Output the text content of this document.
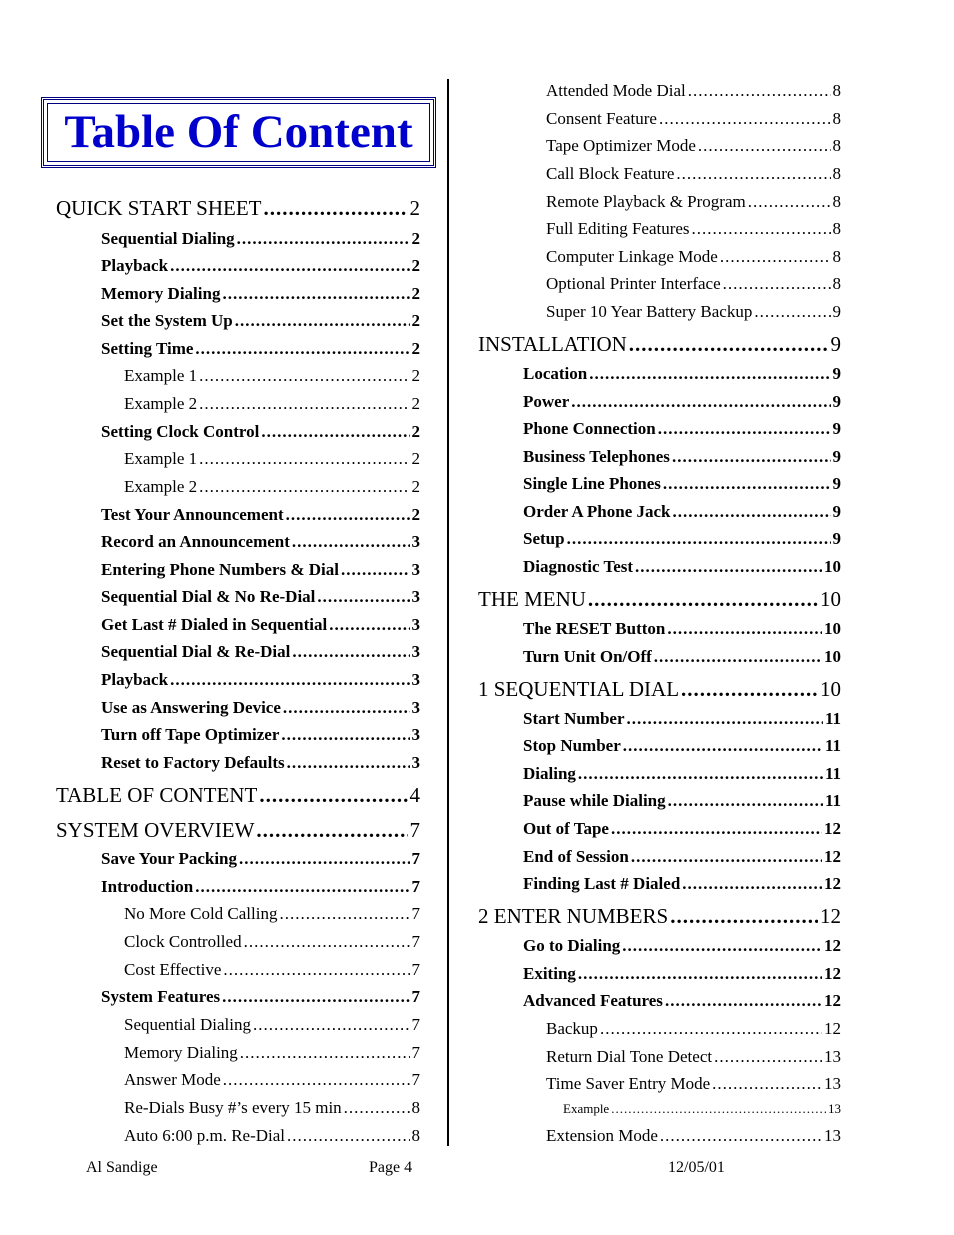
Table Of Content
QUICK START SHEET .....	2
Sequential Dialing .....	2
Playback .....	2
Memory Dialing .....	2
Set the System Up .....	2
Setting Time .....	2
Example 1 .....	2
Example 2 .....	2
Setting Clock Control .....	2
Example 1 .....	2
Example 2 .....	2
Test Your Announcement .....	2
Record an Announcement .....	3
Entering Phone Numbers & Dial .....	3
Sequential Dial & No Re-Dial .....	3
Get Last # Dialed in Sequential .....	3
Sequential Dial & Re-Dial .....	3
Playback .....	3
Use as Answering Device .....	3
Turn off Tape Optimizer .....	3
Reset to Factory Defaults .....	3
TABLE OF CONTENT .....	4
SYSTEM OVERVIEW .....	7
Save Your Packing .....	7
Introduction .....	7
No More Cold Calling .....	7
Clock Controlled .....	7
Cost Effective .....	7
System Features .....	7
Sequential Dialing .....	7
Memory Dialing .....	7
Answer Mode .....	7
Re-Dials Busy #’s every 15 min .....	8
Auto 6:00 p.m. Re-Dial .....	8
Attended Mode Dial .....	8
Consent Feature .....	8
Tape Optimizer Mode .....	8
Call Block Feature .....	8
Remote Playback & Program .....	8
Full Editing Features .....	8
Computer Linkage Mode .....	8
Optional Printer Interface .....	8
Super 10 Year Battery Backup .....	9
INSTALLATION .....	9
Location .....	9
Power .....	9
Phone Connection .....	9
Business Telephones .....	9
Single Line Phones .....	9
Order A Phone Jack .....	9
Setup .....	9
Diagnostic Test .....	10
THE MENU .....	10
The RESET Button .....	10
Turn Unit On/Off .....	10
1 SEQUENTIAL DIAL .....	10
Start Number .....	11
Stop Number .....	11
Dialing .....	11
Pause while Dialing .....	11
Out of Tape .....	12
End of Session .....	12
Finding Last # Dialed .....	12
2 ENTER NUMBERS .....	12
Go to Dialing .....	12
Exiting .....	12
Advanced Features .....	12
Backup .....	12
Return Dial Tone Detect .....	13
Time Saver Entry Mode .....	13
Example .....	13
Extension Mode .....	13
Al Sandige	Page 4	12/05/01
